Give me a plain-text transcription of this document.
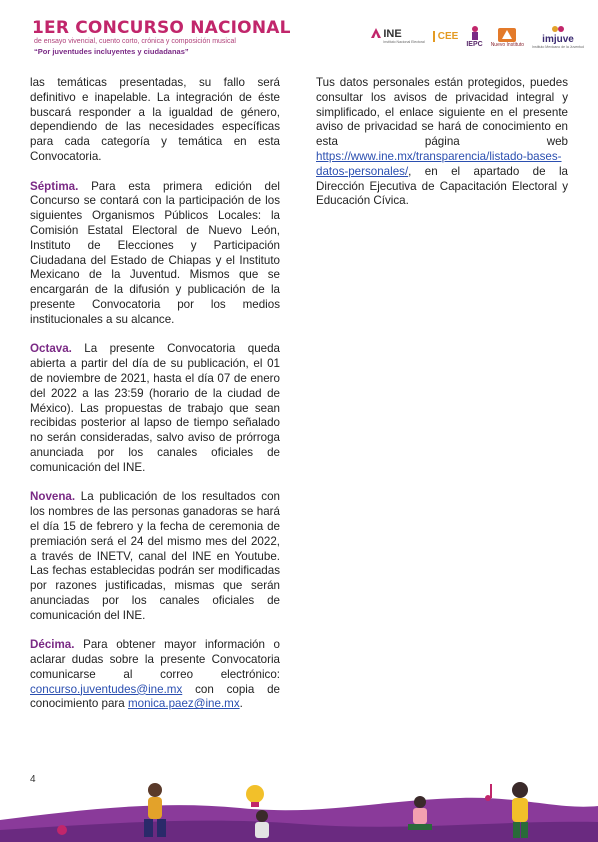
1ER CONCURSO NACIONAL
de ensayo vivencial, cuento corto, crónica y composición musical
“Por juventudes incluyentes y ciudadanas”
INE
Instituto Nacional Electoral
CEE
IEPC Nuevo Instituto imjuve
Instituto Mexicano de la Juventud

las temáticas presentadas, su fallo será definitivo e inapelable. La integración de éste buscará responder a la igualdad de género, dependiendo de las necesidades específicas para cada categoría y temática en esta Convocatoria.

Séptima. Para esta primera edición del Concurso se contará con la participación de los siguientes Organismos Públicos Locales: la Comisión Estatal Electoral de Nuevo León, Instituto de Elecciones y Participación Ciudadana del Estado de Chiapas y el Instituto Mexicano de la Juventud. Mismos que se encargarán de la difusión y publicación de la presente Convocatoria por los medios institucionales a su alcance.

Octava. La presente Convocatoria queda abierta a partir del día de su publicación, el 01 de noviembre de 2021, hasta el día 07 de enero del 2022 a las 23:59 (horario de la ciudad de México). Las propuestas de trabajo que sean recibidas posterior al lapso de tiempo señalado no serán consideradas, salvo aviso de prórroga anunciada por los canales oficiales de comunicación del INE.

Novena. La publicación de los resultados con los nombres de las personas ganadoras se hará el día 15 de febrero y la fecha de ceremonia de premiación será el 24 del mismo mes del 2022, a través de INETV, canal del INE en Youtube. Las fechas establecidas podrán ser modificadas por razones justificadas, mismas que serán anunciadas por los canales oficiales de comunicación del INE.

Décima. Para obtener mayor información o aclarar dudas sobre la presente Convocatoria comunicarse al correo electrónico: concurso.juventudes@ine.mx con copia de conocimiento para monica.paez@ine.mx.

Tus datos personales están protegidos, puedes consultar los avisos de privacidad integral y simplificado, el enlace siguiente en el presente aviso de privacidad se hará de conocimiento en esta página web https://www.ine.mx/transparencia/listado-bases-datos-personales/, en el apartado de la Dirección Ejecutiva de Capacitación Electoral y Educación Cívica.

4
